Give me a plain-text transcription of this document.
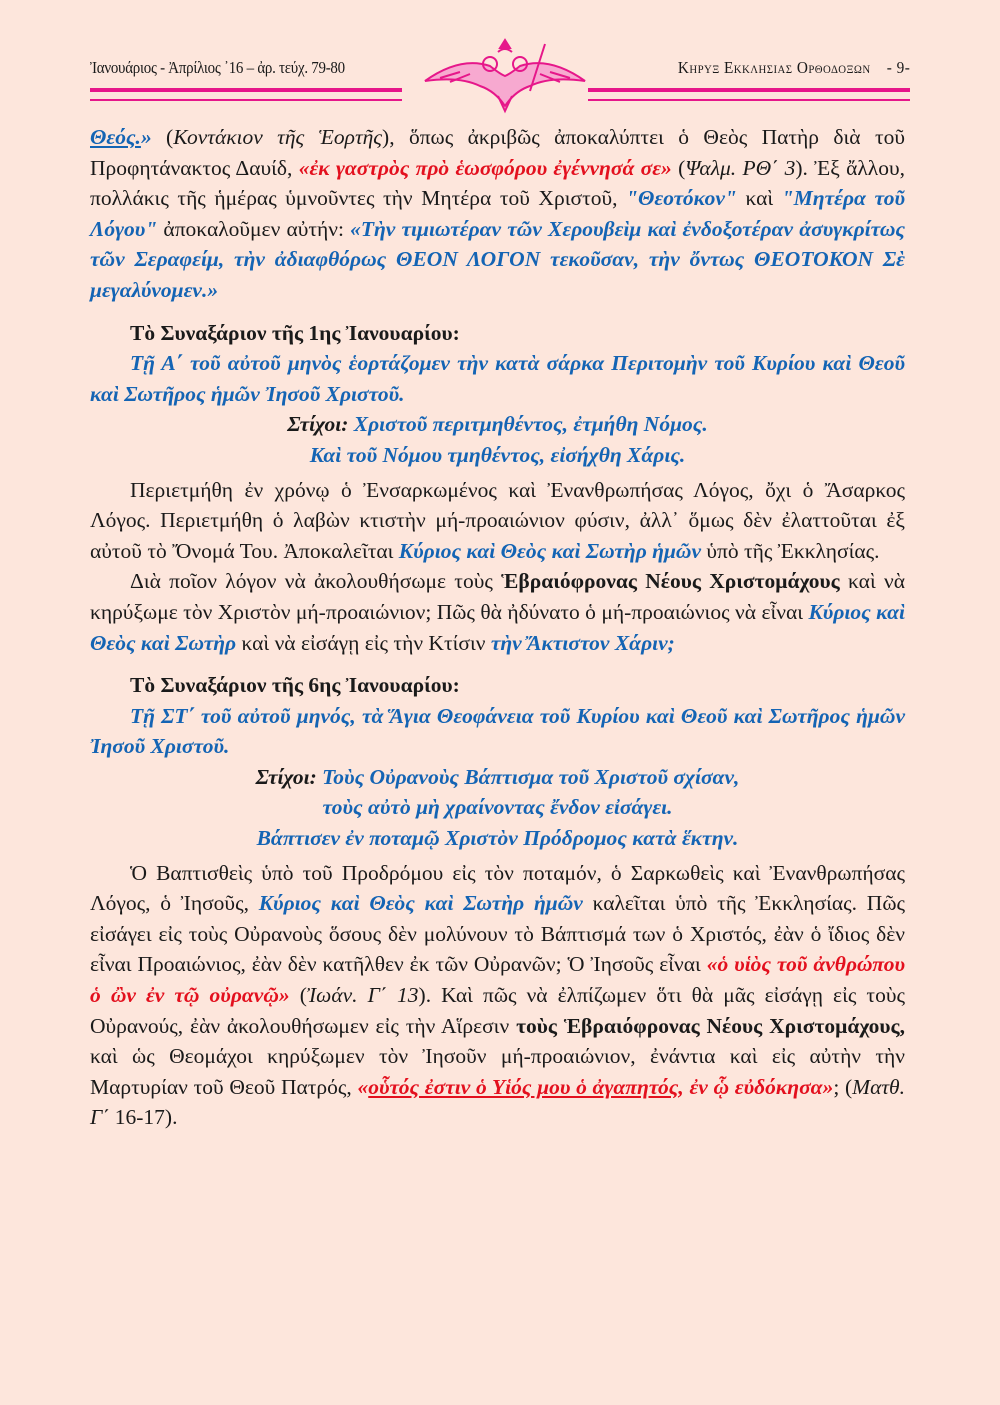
Ἰανουάριος - Ἀπρίλιος ᾿16 – ἀρ. τεύχ. 79-80	Κηρυξ Εκκλησιας Ορθοδοξων - 9-

Θεός.» (Κοντάκιον τῆς Ἑορτῆς), ὅπως ἀκριβῶς ἀποκαλύπτει ὁ Θεὸς Πατὴρ διὰ τοῦ Προφητάνακτος Δαυίδ, «ἐκ γαστρὸς πρὸ ἑωσφόρου ἐγέννησά σε» (Ψαλμ. ΡΘ΄ 3). Ἐξ ἄλλου, πολλάκις τῆς ἡμέρας ὑμνοῦντες τὴν Μητέρα τοῦ Χριστοῦ, "Θεοτόκον" καὶ "Μητέρα τοῦ Λόγου" ἀποκαλοῦμεν αὐτήν: «Τὴν τιμιωτέραν τῶν Χερουβεὶμ καὶ ἐνδοξοτέραν ἀσυγκρίτως τῶν Σεραφείμ, τὴν ἀδιαφθόρως ΘΕΟΝ ΛΟΓΟΝ τεκοῦσαν, τὴν ὄντως ΘΕΟΤΟΚΟΝ Σὲ μεγαλύνομεν.»

Τὸ Συναξάριον τῆς 1ης Ἰανουαρίου:

Τῇ Α΄ τοῦ αὐτοῦ μηνὸς ἑορτάζομεν τὴν κατὰ σάρκα Περιτομὴν τοῦ Κυρίου καὶ Θεοῦ καὶ Σωτῆρος ἡμῶν Ἰησοῦ Χριστοῦ.

Στίχοι: Χριστοῦ περιτμηθέντος, ἐτμήθη Νόμος.

Καὶ τοῦ Νόμου τμηθέντος, εἰσήχθη Χάρις.

Περιετμήθη ἐν χρόνῳ ὁ Ἐνσαρκωμένος καὶ Ἐνανθρωπήσας Λόγος, ὄχι ὁ Ἄσαρκος Λόγος. Περιετμήθη ὁ λαβὼν κτιστὴν μή-προαιώνιον φύσιν, ἀλλ᾿ ὅμως δὲν ἐλαττοῦται ἐξ αὐτοῦ τὸ Ὄνομά Του. Ἀποκαλεῖται Κύριος καὶ Θεὸς καὶ Σωτὴρ ἡμῶν ὑπὸ τῆς Ἐκκλησίας.

Διὰ ποῖον λόγον νὰ ἀκολουθήσωμε τοὺς Ἑβραιόφρονας Νέους Χριστομάχους καὶ νὰ κηρύξωμε τὸν Χριστὸν μή-προαιώνιον; Πῶς θὰ ἠδύνατο ὁ μή-προαιώνιος νὰ εἶναι Κύριος καὶ Θεὸς καὶ Σωτὴρ καὶ νὰ εἰσάγῃ εἰς τὴν Κτίσιν τὴν Ἄκτιστον Χάριν;

Τὸ Συναξάριον τῆς 6ης Ἰανουαρίου:

Τῇ ΣΤ΄ τοῦ αὐτοῦ μηνός, τὰ Ἅγια Θεοφάνεια τοῦ Κυρίου καὶ Θεοῦ καὶ Σωτῆρος ἡμῶν Ἰησοῦ Χριστοῦ.

Στίχοι: Τοὺς Οὐρανοὺς Βάπτισμα τοῦ Χριστοῦ σχίσαν,

τοὺς αὐτὸ μὴ χραίνοντας ἔνδον εἰσάγει.

Βάπτισεν ἐν ποταμῷ Χριστὸν Πρόδρομος κατὰ ἕκτην.

Ὁ Βαπτισθεὶς ὑπὸ τοῦ Προδρόμου εἰς τὸν ποταμόν, ὁ Σαρκωθεὶς καὶ Ἐνανθρωπήσας Λόγος, ὁ Ἰησοῦς, Κύριος καὶ Θεὸς καὶ Σωτὴρ ἡμῶν καλεῖται ὑπὸ τῆς Ἐκκλησίας. Πῶς εἰσάγει εἰς τοὺς Οὐρανοὺς ὅσους δὲν μολύνουν τὸ Βάπτισμά των ὁ Χριστός, ἐὰν ὁ ἴδιος δὲν εἶναι Προαιώνιος, ἐὰν δὲν κατῆλθεν ἐκ τῶν Οὐρανῶν; Ὁ Ἰησοῦς εἶναι «ὁ υἱὸς τοῦ ἀνθρώπου ὁ ὢν ἐν τῷ οὐρανῷ» (Ἰωάν. Γ΄ 13). Καὶ πῶς νὰ ἐλπίζωμεν ὅτι θὰ μᾶς εἰσάγῃ εἰς τοὺς Οὐρανούς, ἐὰν ἀκολουθήσωμεν εἰς τὴν Αἵρεσιν τοὺς Ἑβραιόφρονας Νέους Χριστομάχους, καὶ ὡς Θεομάχοι κηρύξωμεν τὸν Ἰησοῦν μή-προαιώνιον, ἐνάντια καὶ εἰς αὐτὴν τὴν Μαρτυρίαν τοῦ Θεοῦ Πατρός, «οὗτός ἐστιν ὁ Υἱός μου ὁ ἀγαπητός, ἐν ᾧ εὐδόκησα»; (Ματθ. Γ΄ 16-17).
